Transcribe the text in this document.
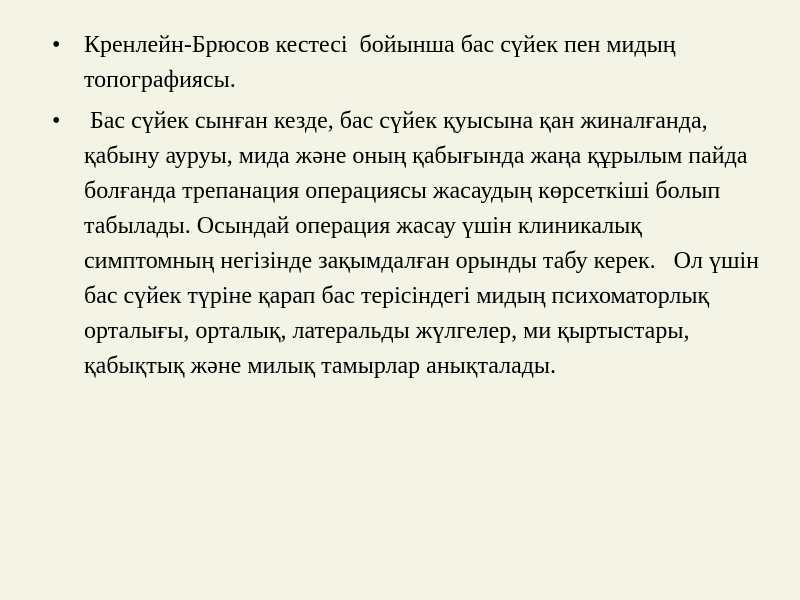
• Кренлейн-Брюсов кестесі  бойынша бас сүйек пен мидың  топографиясы.
• Бас сүйек сынған кезде, бас сүйек қуысына қан жиналғанда, қабыну ауруы, мида және оның қабығында жаңа құрылым пайда болғанда трепанация операциясы жасаудың көрсеткіші болып табылады. Осындай операция жасау үшін клиникалық симптомның негізінде зақымдалған орынды табу керек.   Ол үшін бас сүйек түріне қарап бас терісіндегі мидың психоматорлық орталығы, орталық, латеральды жүлгелер, ми қыртыстары, қабықтық және милық тамырлар анықталады.
